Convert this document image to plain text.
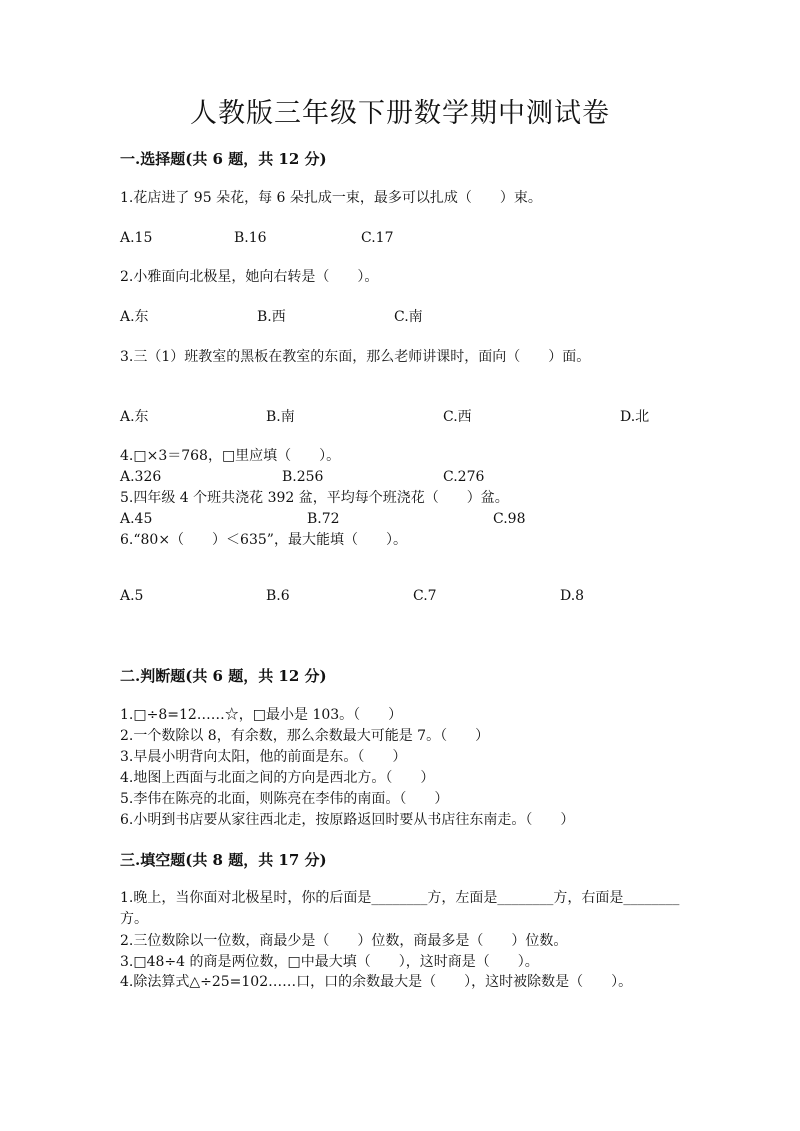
人教版三年级下册数学期中测试卷
一.选择题(共 6 题，共 12 分)
1.花店进了 95 朵花，每 6 朵扎成一束，最多可以扎成（　　）束。
A.15	B.16	C.17
2.小雅面向北极星，她向右转是（　　）。
A.东	B.西	C.南
3.三（1）班教室的黑板在教室的东面，那么老师讲课时，面向（　　）面。
A.东	B.南	C.西	D.北
4.□×3＝768，□里应填（　　）。
A.326	B.256	C.276
5.四年级 4 个班共浇花 392 盆，平均每个班浇花（　　）盆。
A.45	B.72	C.98
6.“80×（　　）＜635”，最大能填（　　）。
A.5	B.6	C.7	D.8
二.判断题(共 6 题，共 12 分)
1.□÷8=12……☆，□最小是 103。（　　）
2.一个数除以 8，有余数，那么余数最大可能是 7。（　　）
3.早晨小明背向太阳，他的前面是东。（　　）
4.地图上西面与北面之间的方向是西北方。（　　）
5.李伟在陈亮的北面，则陈亮在李伟的南面。（　　）
6.小明到书店要从家往西北走，按原路返回时要从书店往东南走。（　　）
三.填空题(共 8 题，共 17 分)
1.晚上，当你面对北极星时，你的后面是________方，左面是________方，右面是________方。
2.三位数除以一位数，商最少是（　　）位数，商最多是（　　）位数。
3.□48÷4 的商是两位数，□中最大填（　　），这时商是（　　）。
4.除法算式△÷25=102……口，口的余数最大是（　　），这时被除数是（　　）。
